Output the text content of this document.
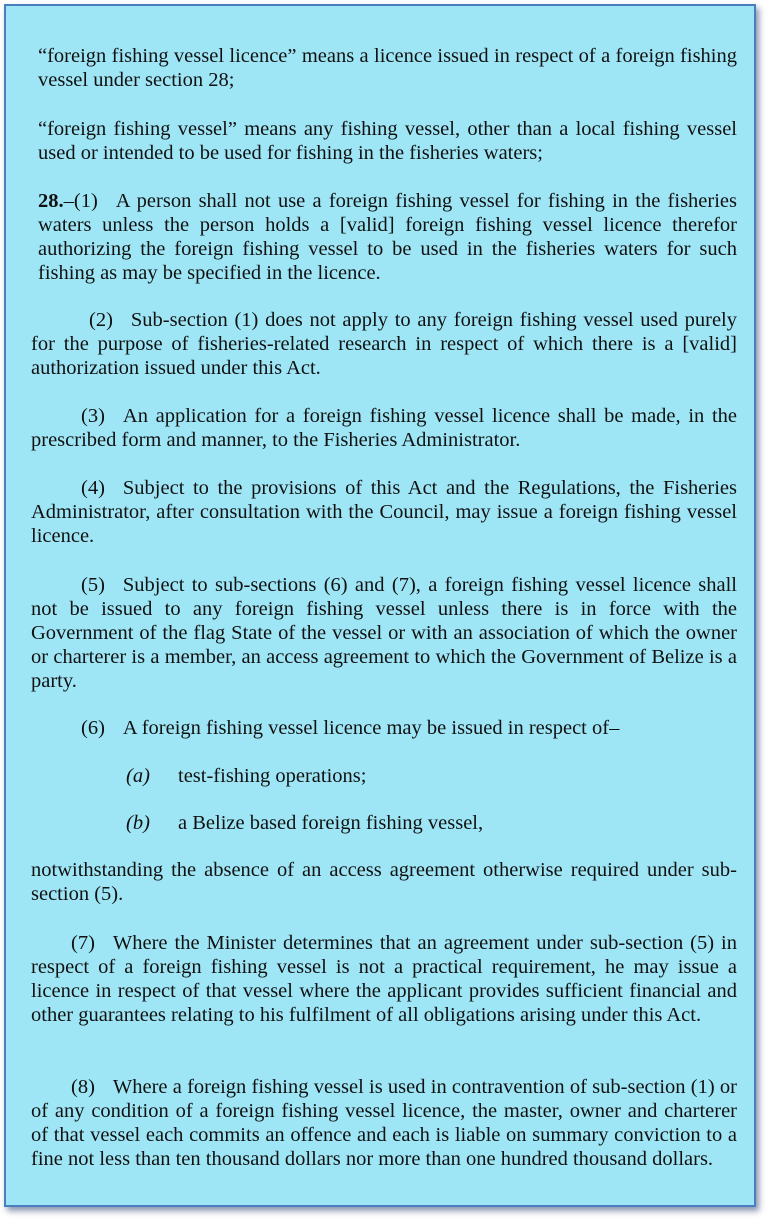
“foreign fishing vessel licence” means a licence issued in respect of a foreign fishing vessel under section 28;

“foreign fishing vessel” means any fishing vessel, other than a local fishing vessel used or intended to be used for fishing in the fisheries waters;

28.–(1) A person shall not use a foreign fishing vessel for fishing in the fisheries waters unless the person holds a [valid] foreign fishing vessel licence therefor authorizing the foreign fishing vessel to be used in the fisheries waters for such fishing as may be specified in the licence.

(2) Sub-section (1) does not apply to any foreign fishing vessel used purely for the purpose of fisheries-related research in respect of which there is a [valid] authorization issued under this Act.

(3) An application for a foreign fishing vessel licence shall be made, in the prescribed form and manner, to the Fisheries Administrator.

(4) Subject to the provisions of this Act and the Regulations, the Fisheries Administrator, after consultation with the Council, may issue a foreign fishing vessel licence.

(5) Subject to sub-sections (6) and (7), a foreign fishing vessel licence shall not be issued to any foreign fishing vessel unless there is in force with the Government of the flag State of the vessel or with an association of which the owner or charterer is a member, an access agreement to which the Government of Belize is a party.

(6) A foreign fishing vessel licence may be issued in respect of–

(a) test-fishing operations;
(b) a Belize based foreign fishing vessel,

notwithstanding the absence of an access agreement otherwise required under sub-section (5).

(7) Where the Minister determines that an agreement under sub-section (5) in respect of a foreign fishing vessel is not a practical requirement, he may issue a licence in respect of that vessel where the applicant provides sufficient financial and other guarantees relating to his fulfilment of all obligations arising under this Act.

(8) Where a foreign fishing vessel is used in contravention of sub-section (1) or of any condition of a foreign fishing vessel licence, the master, owner and charterer of that vessel each commits an offence and each is liable on summary conviction to a fine not less than ten thousand dollars nor more than one hundred thousand dollars.
